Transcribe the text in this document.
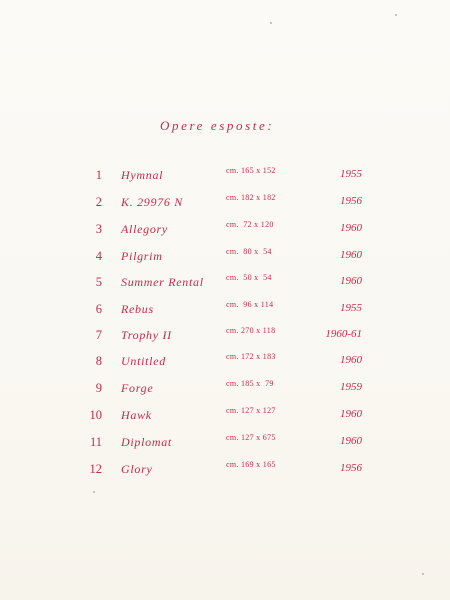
Opere esposte:
1 Hymnal	cm. 165 x 152	1955
2 K. 29976 N	cm. 182 x 182	1956
3 Allegory	cm.  72 x 120	1960
4 Pilgrim	cm.  80 x  54	1960
5 Summer Rental	cm.  50 x  54	1960
6 Rebus	cm.  96 x 114	1955
7 Trophy II	cm. 270 x 118	1960-61
8 Untitled	cm. 172 x 183	1960
9 Forge	cm. 185 x  79	1959
10 Hawk	cm. 127 x 127	1960
11 Diplomat	cm. 127 x 675	1960
12 Glory	cm. 169 x 165	1956
